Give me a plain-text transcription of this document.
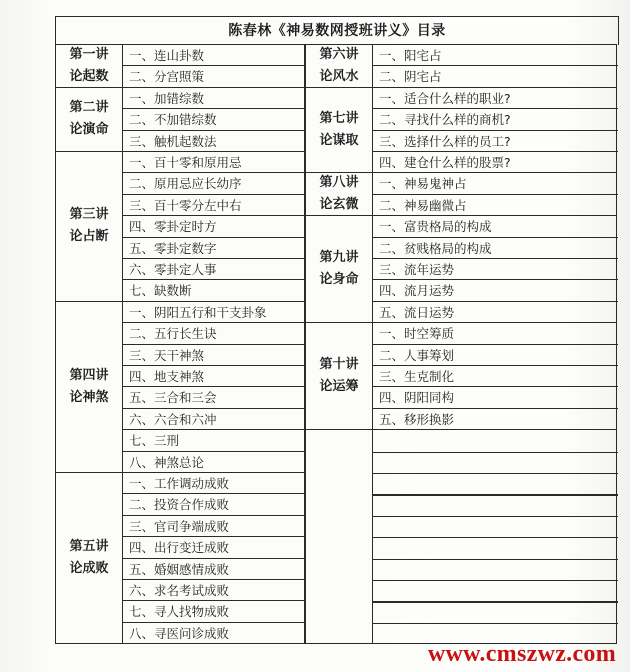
陈春林《神易数网授班讲义》目录
第一讲
论起数
一、连山卦数
二、分宫照策
第二讲
论演命
一、加错综数
二、不加错综数
三、触机起数法
第三讲
论占断
一、百十零和原用忌
二、原用忌应长幼序
三、百十零分左中右
四、零卦定时方
五、零卦定数字
六、零卦定人事
七、缺数断
第四讲
论神煞
一、阴阳五行和干支卦象
二、五行长生诀
三、天干神煞
四、地支神煞
五、三合和三会
六、六合和六冲
七、三刑
八、神煞总论
第五讲
论成败
一、工作调动成败
二、投资合作成败
三、官司争端成败
四、出行变迁成败
五、婚姻感情成败
六、求名考试成败
七、寻人找物成败
八、寻医问诊成败
第六讲
论风水
一、阳宅占
二、阴宅占
第七讲
论谋取
一、适合什么样的职业?
二、寻找什么样的商机?
三、选择什么样的员工?
四、建仓什么样的股票?
第八讲
论玄微
一、神易鬼神占
二、神易幽微占
第九讲
论身命
一、富贵格局的构成
二、贫贱格局的构成
三、流年运势
四、流月运势
五、流日运势
第十讲
论运筹
一、时空筹质
二、人事筹划
三、生克制化
四、阴阳同构
五、移形换影
www.cmszwz.com
